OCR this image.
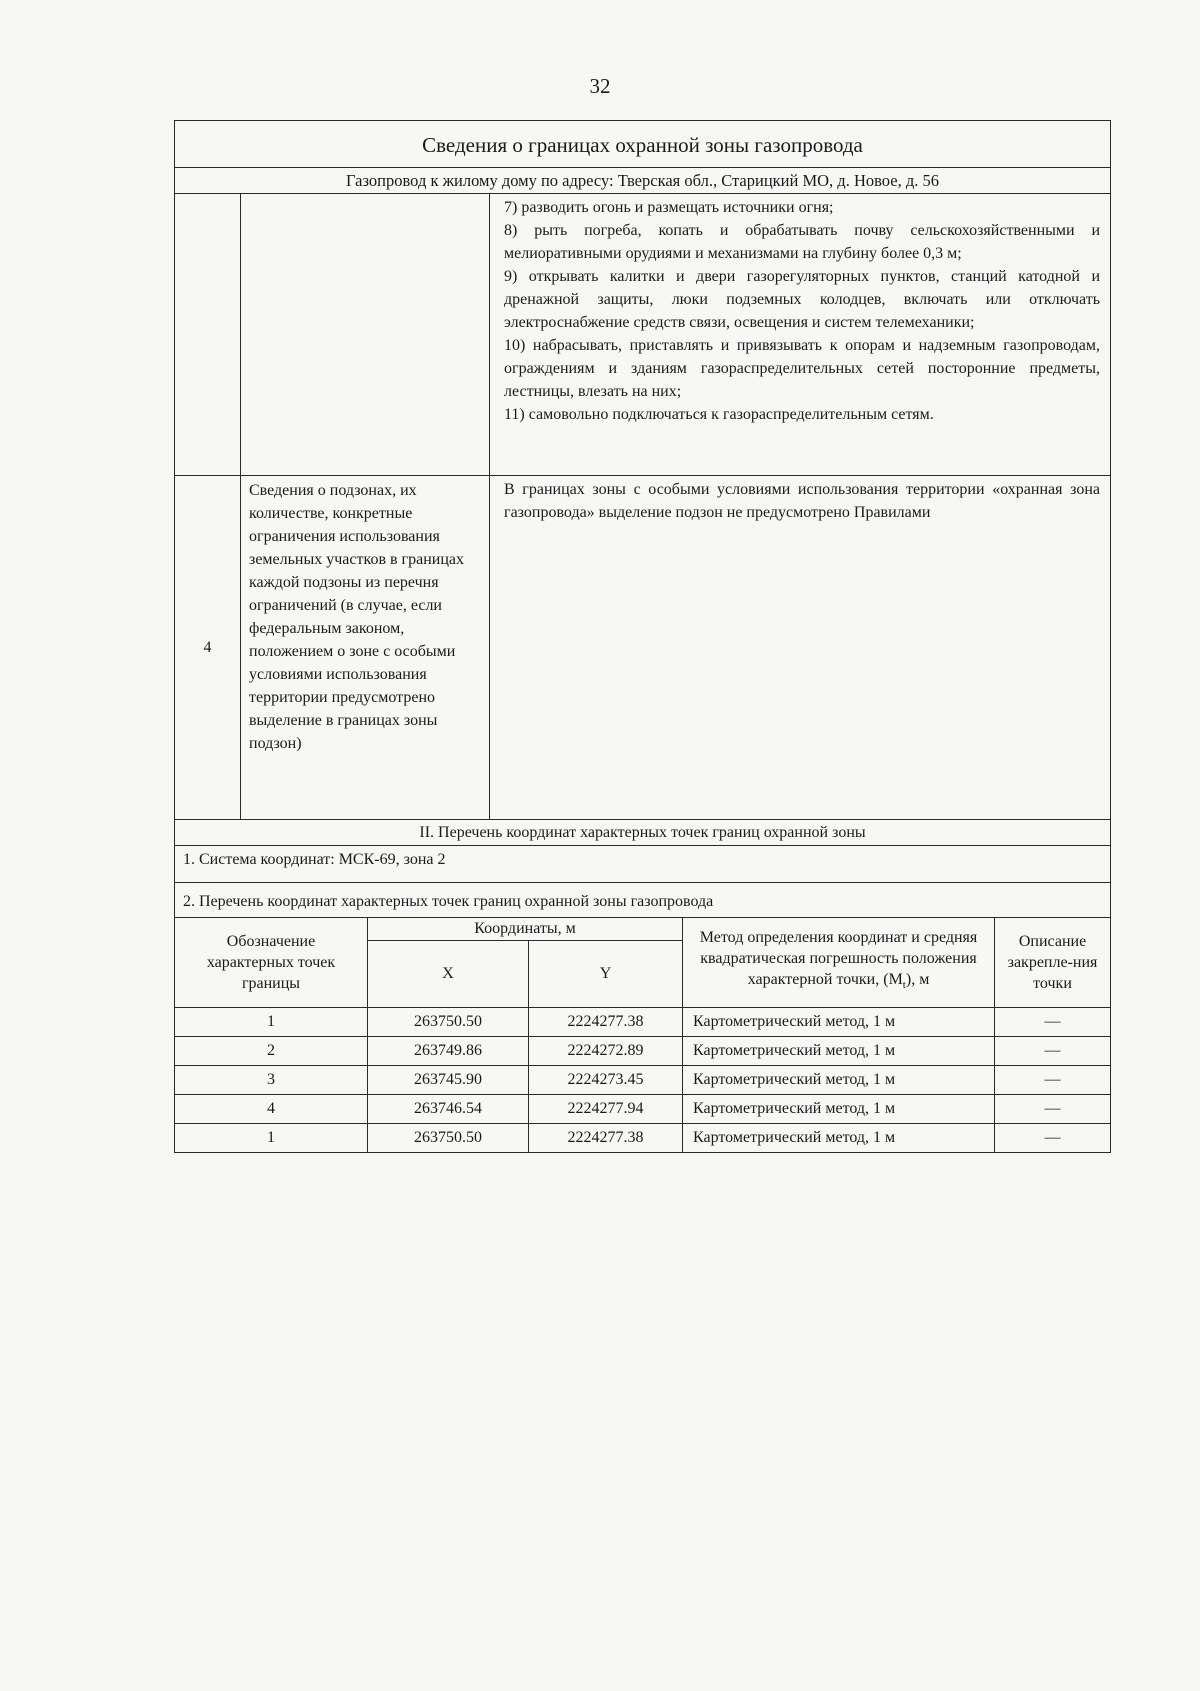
32
Сведения о границах охранной зоны газопровода		
Газопровод к жилому дому по адресу: Тверская обл., Старицкий МО, д. Новое, д. 56		

		7) разводить огонь и размещать источники огня;

8) рыть погреба, копать и обрабатывать почву сельскохозяйственными и мелиоративными орудиями и механизмами на глубину более 0,3 м;

9) открывать калитки и двери газорегуляторных пунктов, станций катодной и дренажной защиты, люки подземных колодцев, включать или отключать электроснабжение средств связи, освещения и систем телемеханики;

10) набрасывать, приставлять и привязывать к опорам и надземным газопроводам, ограждениям и зданиям газораспределительных сетей посторонние предметы, лестницы, влезать на них;

11) самовольно подключаться к газораспределительным сетям.

4	Сведения о подзонах, их количестве, конкретные ограничения использования земельных участков в границах каждой подзоны из перечня ограничений (в случае, если федеральным законом, положением о зоне с особыми условиями использования территории предусмотрено выделение в границах зоны подзон)	В границах зоны с особыми условиями использования территории «охранная зона газопровода» выделение подзон не предусмотрено Правилами
II. Перечень координат характерных точек границ охранной зоны		
1. Система координат: МСК-69, зона 2		
2. Перечень координат характерных точек границ охранной зоны газопровода		
Обозначение характерных точек границы	Координаты, м		Метод определения координат и средняя квадратическая погрешность положения характерной точки, $(M_t)$, м	Описание закрепле-ния точки
	X	Y		
1	263750.50	2224277.38	Картометрический метод, 1 м	—
2	263749.86	2224272.89	Картометрический метод, 1 м	—
3	263745.90	2224273.45	Картометрический метод, 1 м	—
4	263746.54	2224277.94	Картометрический метод, 1 м	—
1	263750.50	2224277.38	Картометрический метод, 1 м	—
